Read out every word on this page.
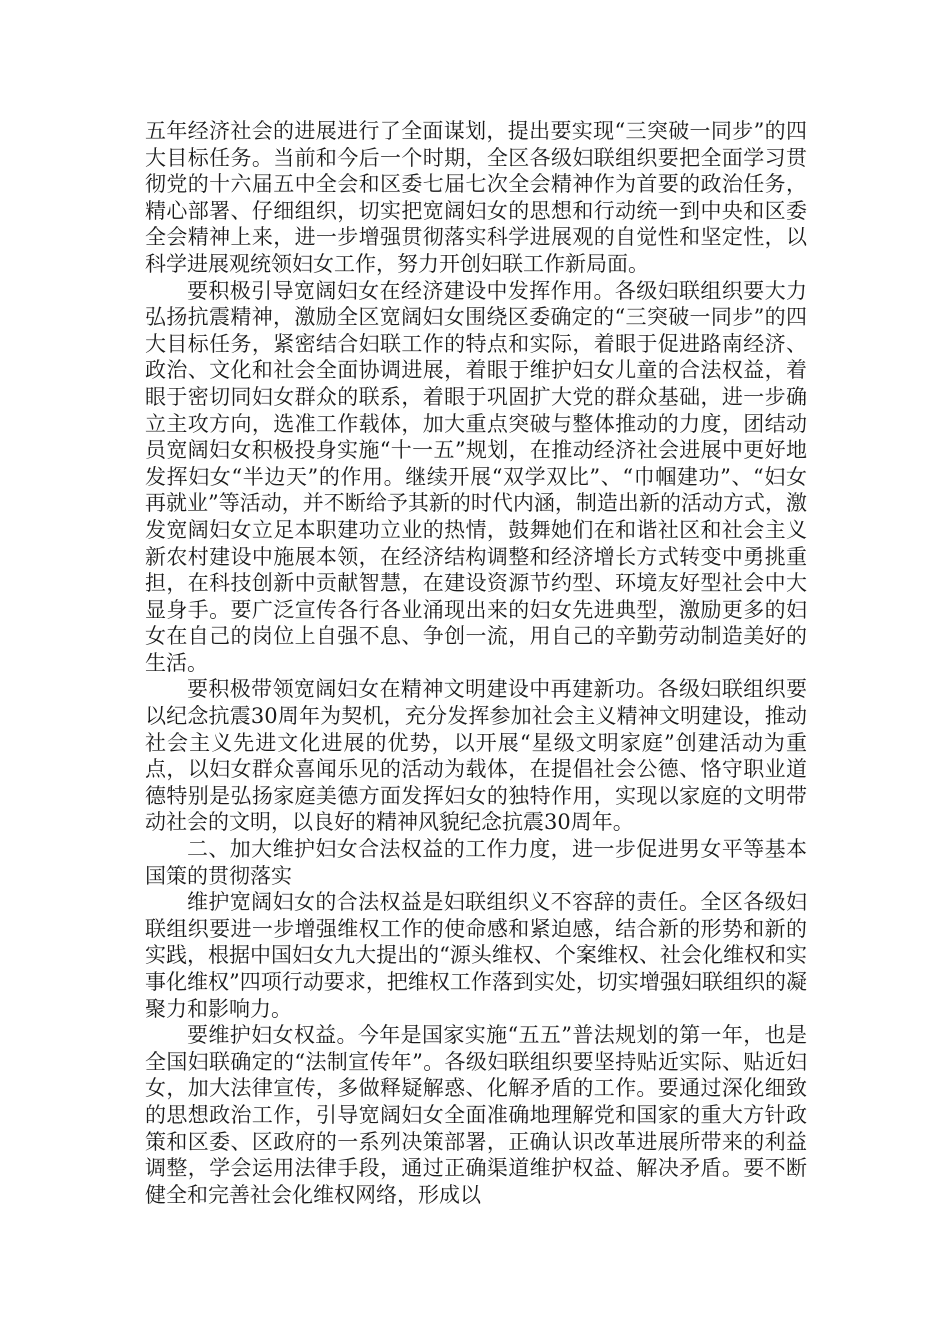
五年经济社会的进展进行了全面谋划，提出要实现“三突破一同步”的四大目标任务。当前和今后一个时期，全区各级妇联组织要把全面学习贯彻党的十六届五中全会和区委七届七次全会精神作为首要的政治任务，精心部署、仔细组织，切实把宽阔妇女的思想和行动统一到中央和区委全会精神上来，进一步增强贯彻落实科学进展观的自觉性和坚定性，以科学进展观统领妇女工作，努力开创妇联工作新局面。

要积极引导宽阔妇女在经济建设中发挥作用。各级妇联组织要大力弘扬抗震精神，激励全区宽阔妇女围绕区委确定的“三突破一同步”的四大目标任务，紧密结合妇联工作的特点和实际，着眼于促进路南经济、政治、文化和社会全面协调进展，着眼于维护妇女儿童的合法权益，着眼于密切同妇女群众的联系，着眼于巩固扩大党的群众基础，进一步确立主攻方向，选准工作载体，加大重点突破与整体推动的力度，团结动员宽阔妇女积极投身实施“十一五”规划，在推动经济社会进展中更好地发挥妇女“半边天”的作用。继续开展“双学双比”、“巾帼建功”、“妇女再就业”等活动，并不断给予其新的时代内涵，制造出新的活动方式，激发宽阔妇女立足本职建功立业的热情，鼓舞她们在和谐社区和社会主义新农村建设中施展本领，在经济结构调整和经济增长方式转变中勇挑重担，在科技创新中贡献智慧，在建设资源节约型、环境友好型社会中大显身手。要广泛宣传各行各业涌现出来的妇女先进典型，激励更多的妇女在自己的岗位上自强不息、争创一流，用自己的辛勤劳动制造美好的生活。

要积极带领宽阔妇女在精神文明建设中再建新功。各级妇联组织要以纪念抗震30周年为契机，充分发挥参加社会主义精神文明建设，推动社会主义先进文化进展的优势，以开展“星级文明家庭”创建活动为重点，以妇女群众喜闻乐见的活动为载体，在提倡社会公德、恪守职业道德特别是弘扬家庭美德方面发挥妇女的独特作用，实现以家庭的文明带动社会的文明，以良好的精神风貌纪念抗震30周年。

二、加大维护妇女合法权益的工作力度，进一步促进男女平等基本国策的贯彻落实

维护宽阔妇女的合法权益是妇联组织义不容辞的责任。全区各级妇联组织要进一步增强维权工作的使命感和紧迫感，结合新的形势和新的实践，根据中国妇女九大提出的“源头维权、个案维权、社会化维权和实事化维权”四项行动要求，把维权工作落到实处，切实增强妇联组织的凝聚力和影响力。

要维护妇女权益。今年是国家实施“五五”普法规划的第一年，也是全国妇联确定的“法制宣传年”。各级妇联组织要坚持贴近实际、贴近妇女，加大法律宣传，多做释疑解惑、化解矛盾的工作。要通过深化细致的思想政治工作，引导宽阔妇女全面准确地理解党和国家的重大方针政策和区委、区政府的一系列决策部署，正确认识改革进展所带来的利益调整，学会运用法律手段，通过正确渠道维护权益、解决矛盾。要不断健全和完善社会化维权网络，形成以
